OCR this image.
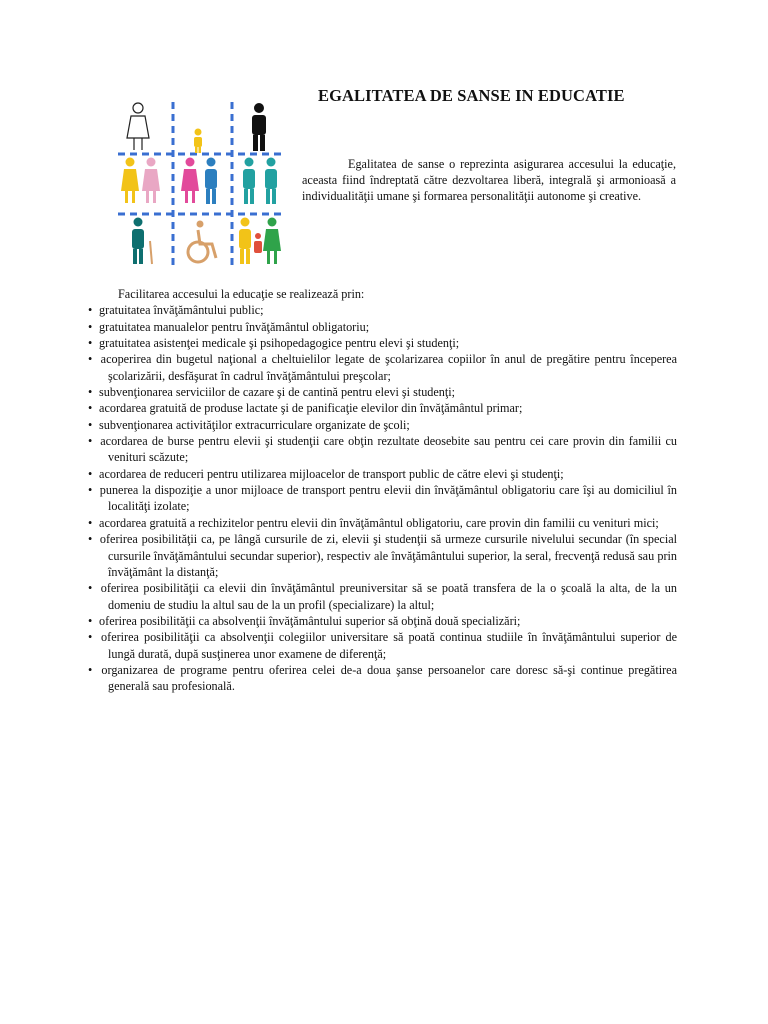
EGALITATEA DE SANSE IN EDUCATIE
Egalitatea de sanse o reprezinta asigurarea accesului la educaţie, aceasta fiind îndreptată către dezvoltarea liberă, integrală şi armonioasă a individualităţii umane şi formarea personalităţii autonome şi creative.
Facilitarea accesului la educaţie se realizează prin:
• gratuitatea învăţământului public;
• gratuitatea manualelor pentru învăţământul obligatoriu;
• gratuitatea asistenţei medicale şi psihopedagogice pentru elevi şi studenţi;
• acoperirea din bugetul naţional a cheltuielilor legate de şcolarizarea copiilor în anul de pregătire pentru începerea şcolarizării, desfăşurat în cadrul învăţământului preşcolar;
• subvenţionarea serviciilor de cazare şi de cantină pentru elevi şi studenţi;
• acordarea gratuită de produse lactate şi de panificaţie elevilor din învăţământul primar;
• subvenţionarea activităţilor extracurriculare organizate de şcoli;
• acordarea de burse pentru elevii şi studenţii care obţin rezultate deosebite sau pentru cei care provin din familii cu venituri scăzute;
• acordarea de reduceri pentru utilizarea mijloacelor de transport public de către elevi şi studenţi;
• punerea la dispoziţie a unor mijloace de transport pentru elevii din învăţământul obligatoriu care îşi au domiciliul în localităţi izolate;
• acordarea gratuită a rechizitelor pentru elevii din învăţământul obligatoriu, care provin din familii cu venituri mici;
• oferirea posibilităţii ca, pe lângă cursurile de zi, elevii şi studenţii să urmeze cursurile nivelului secundar (în special cursurile învăţământului secundar superior), respectiv ale învăţământului superior, la seral, frecvenţă redusă sau prin învăţământ la distanţă;
• oferirea posibilităţii ca elevii din învăţământul preuniversitar să se poată transfera de la o şcoală la alta, de la un domeniu de studiu la altul sau de la un profil (specializare) la altul;
• oferirea posibilităţii ca absolvenţii învăţământului superior să obţină două specializări;
• oferirea posibilităţii ca absolvenţii colegiilor universitare să poată continua studiile în învăţământului superior de lungă durată, după susţinerea unor examene de diferenţă;
• organizarea de programe pentru oferirea celei de-a doua şanse persoanelor care doresc să-şi continue pregătirea generală sau profesională.
